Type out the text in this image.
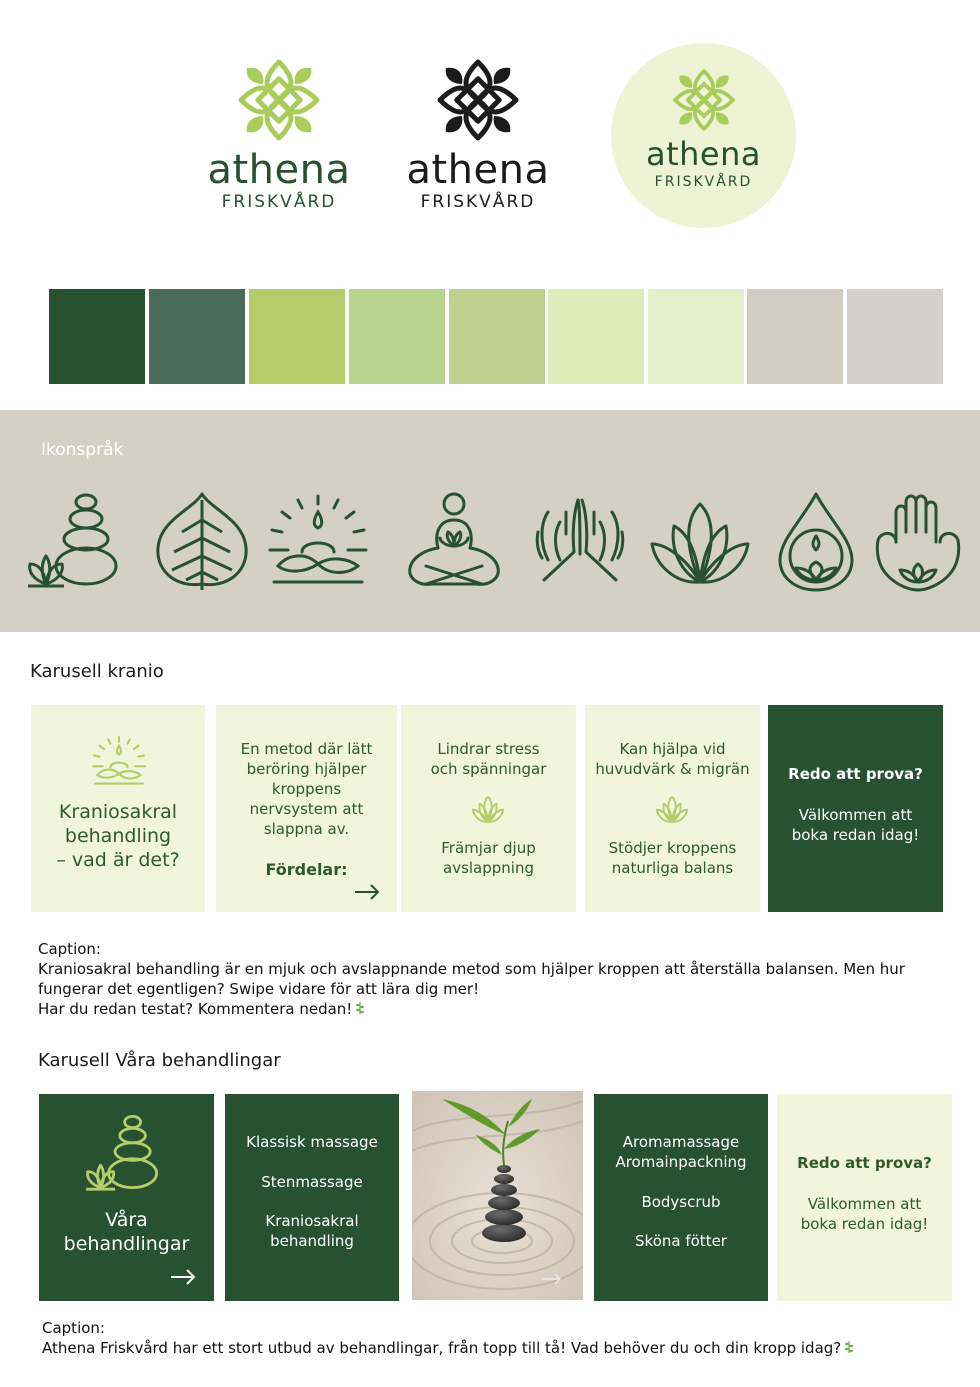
athena
FRISKVÅRD
athena
FRISKVÅRD
athena
FRISKVÅRD
Ikonspråk
Karusell kranio
Kraniosakral
behandling
– vad är det?
En metod där lätt
beröring hjälper
kroppens
nervsystem att
slappna av.
Fördelar:
Lindrar stress
och spänningar
Främjar djup
avslappning
Kan hjälpa vid
huvudvärk & migrän
Stödjer kroppens
naturliga balans
Redo att prova?
Välkommen att
boka redan idag!
Caption:
Kraniosakral behandling är en mjuk och avslappnande metod som hjälper kroppen att återställa balansen. Men hur
fungerar det egentligen? Swipe vidare för att lära dig mer!
Har du redan testat? Kommentera nedan!
Karusell Våra behandlingar
Våra
behandlingar
Klassisk massage
Stenmassage
Kraniosakral
behandling
Aromamassage
Aromainpackning
Bodyscrub
Sköna fötter
Redo att prova?
Välkommen att
boka redan idag!
Caption:
Athena Friskvård har ett stort utbud av behandlingar, från topp till tå! Vad behöver du och din kropp idag?
